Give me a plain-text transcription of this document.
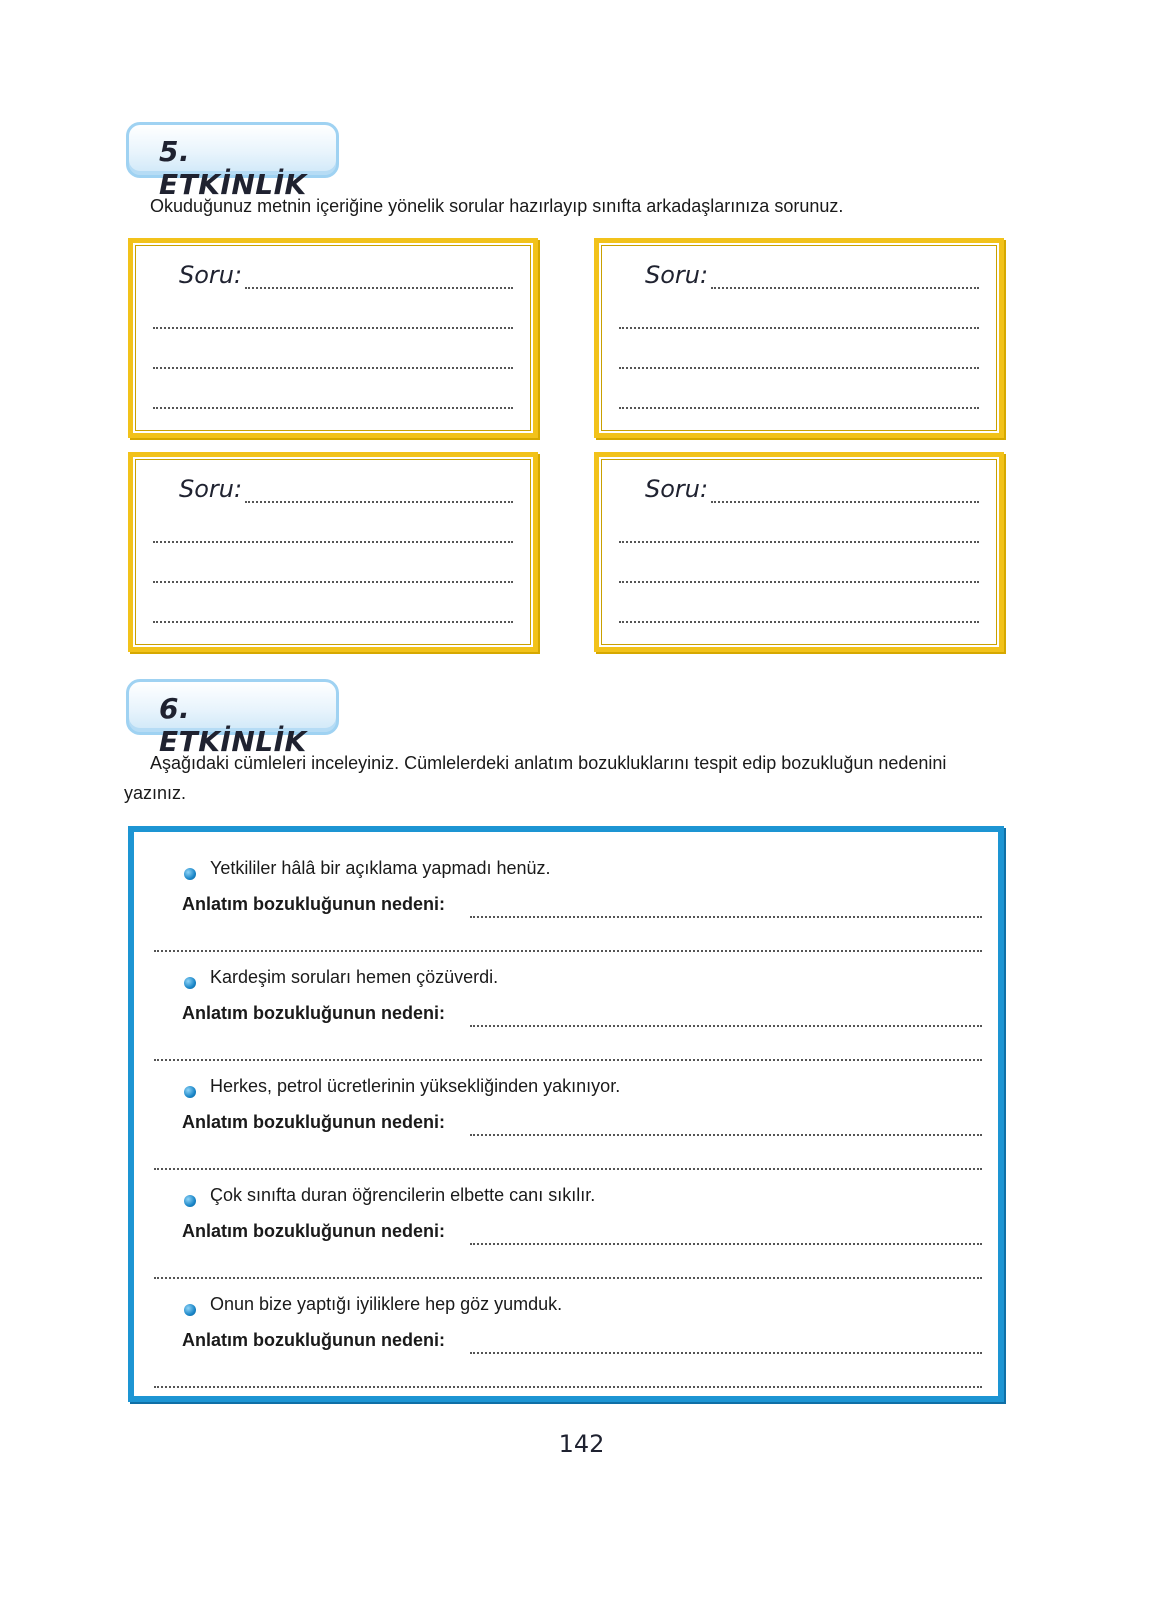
5. ETKİNLİK

Okuduğunuz metnin içeriğine yönelik sorular hazırlayıp sınıfta arkadaşlarınıza sorunuz.

Soru:	Soru:
Soru:	Soru:
6. ETKİNLİK

Aşağıdaki cümleleri inceleyiniz. Cümlelerdeki anlatım bozukluklarını tespit edip bozukluğun nedenini

yazınız.

Yetkililer hâlâ bir açıklama yapmadı henüz.
Anlatım bozukluğunun nedeni:
Kardeşim soruları hemen çözüverdi.
Anlatım bozukluğunun nedeni:
Herkes, petrol ücretlerinin yüksekliğinden yakınıyor.
Anlatım bozukluğunun nedeni:
Çok sınıfta duran öğrencilerin elbette canı sıkılır.
Anlatım bozukluğunun nedeni:
Onun bize yaptığı iyiliklere hep göz yumduk.
Anlatım bozukluğunun nedeni:
142
